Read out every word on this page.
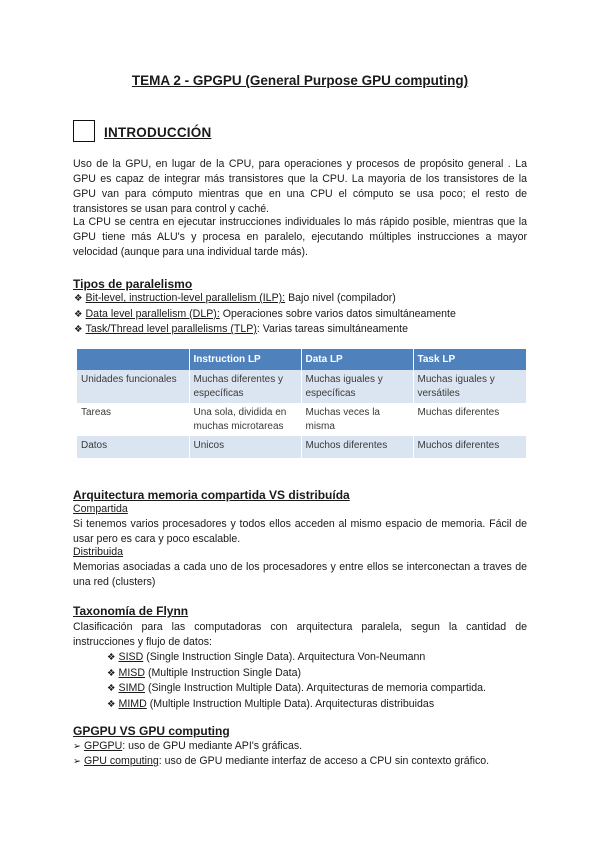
TEMA 2 - GPGPU (General Purpose GPU computing)
INTRODUCCIÓN

Uso de la GPU, en lugar de la CPU, para operaciones y procesos de propósito general . La GPU es capaz de integrar más transistores que la CPU. La mayoria de los transistores de la GPU van para cómputo mientras que en una CPU el cómputo se usa poco; el resto de transistores se usan para control y caché.

La CPU se centra en ejecutar instrucciones individuales lo más rápido posible, mientras que la GPU tiene más ALU's y procesa en paralelo, ejecutando múltiples instrucciones a mayor velocidad (aunque para una individual tarde más).

Tipos de paralelismo
❖ Bit-level, instruction-level parallelism (ILP): Bajo nivel (compilador)
❖ Data level parallelism (DLP): Operaciones sobre varios datos simultáneamente
❖ Task/Thread level parallelisms (TLP): Varias tareas simultáneamente
	Instruction LP	Data LP	Task LP
Unidades funcionales	Muchas diferentes y específicas	Muchas iguales y específicas	Muchas iguales y versátiles
Tareas	Una sola, dividida en muchas microtareas	Muchas veces la misma	Muchas diferentes
Datos	Unicos	Muchos diferentes	Muchos diferentes
Arquitectura memoria compartida VS distribuída
Compartida

Si tenemos varios procesadores y todos ellos acceden al mismo espacio de memoria. Fácil de usar pero es cara y poco escalable.

Distribuida

Memorias asociadas a cada uno de los procesadores y entre ellos se interconectan a traves de una red (clusters)

Taxonomía de Flynn

Clasificación para las computadoras con arquitectura paralela, segun la cantidad de instrucciones y flujo de datos:

❖ SISD (Single Instruction Single Data). Arquitectura Von-Neumann
❖ MISD (Multiple Instruction Single Data)
❖ SIMD (Single Instruction Multiple Data). Arquitecturas de memoria compartida.
❖ MIMD (Multiple Instruction Multiple Data). Arquitecturas distribuidas
GPGPU VS GPU computing
➢ GPGPU: uso de GPU mediante API's gráficas.
➢ GPU computing: uso de GPU mediante interfaz de acceso a CPU sin contexto gráfico.
